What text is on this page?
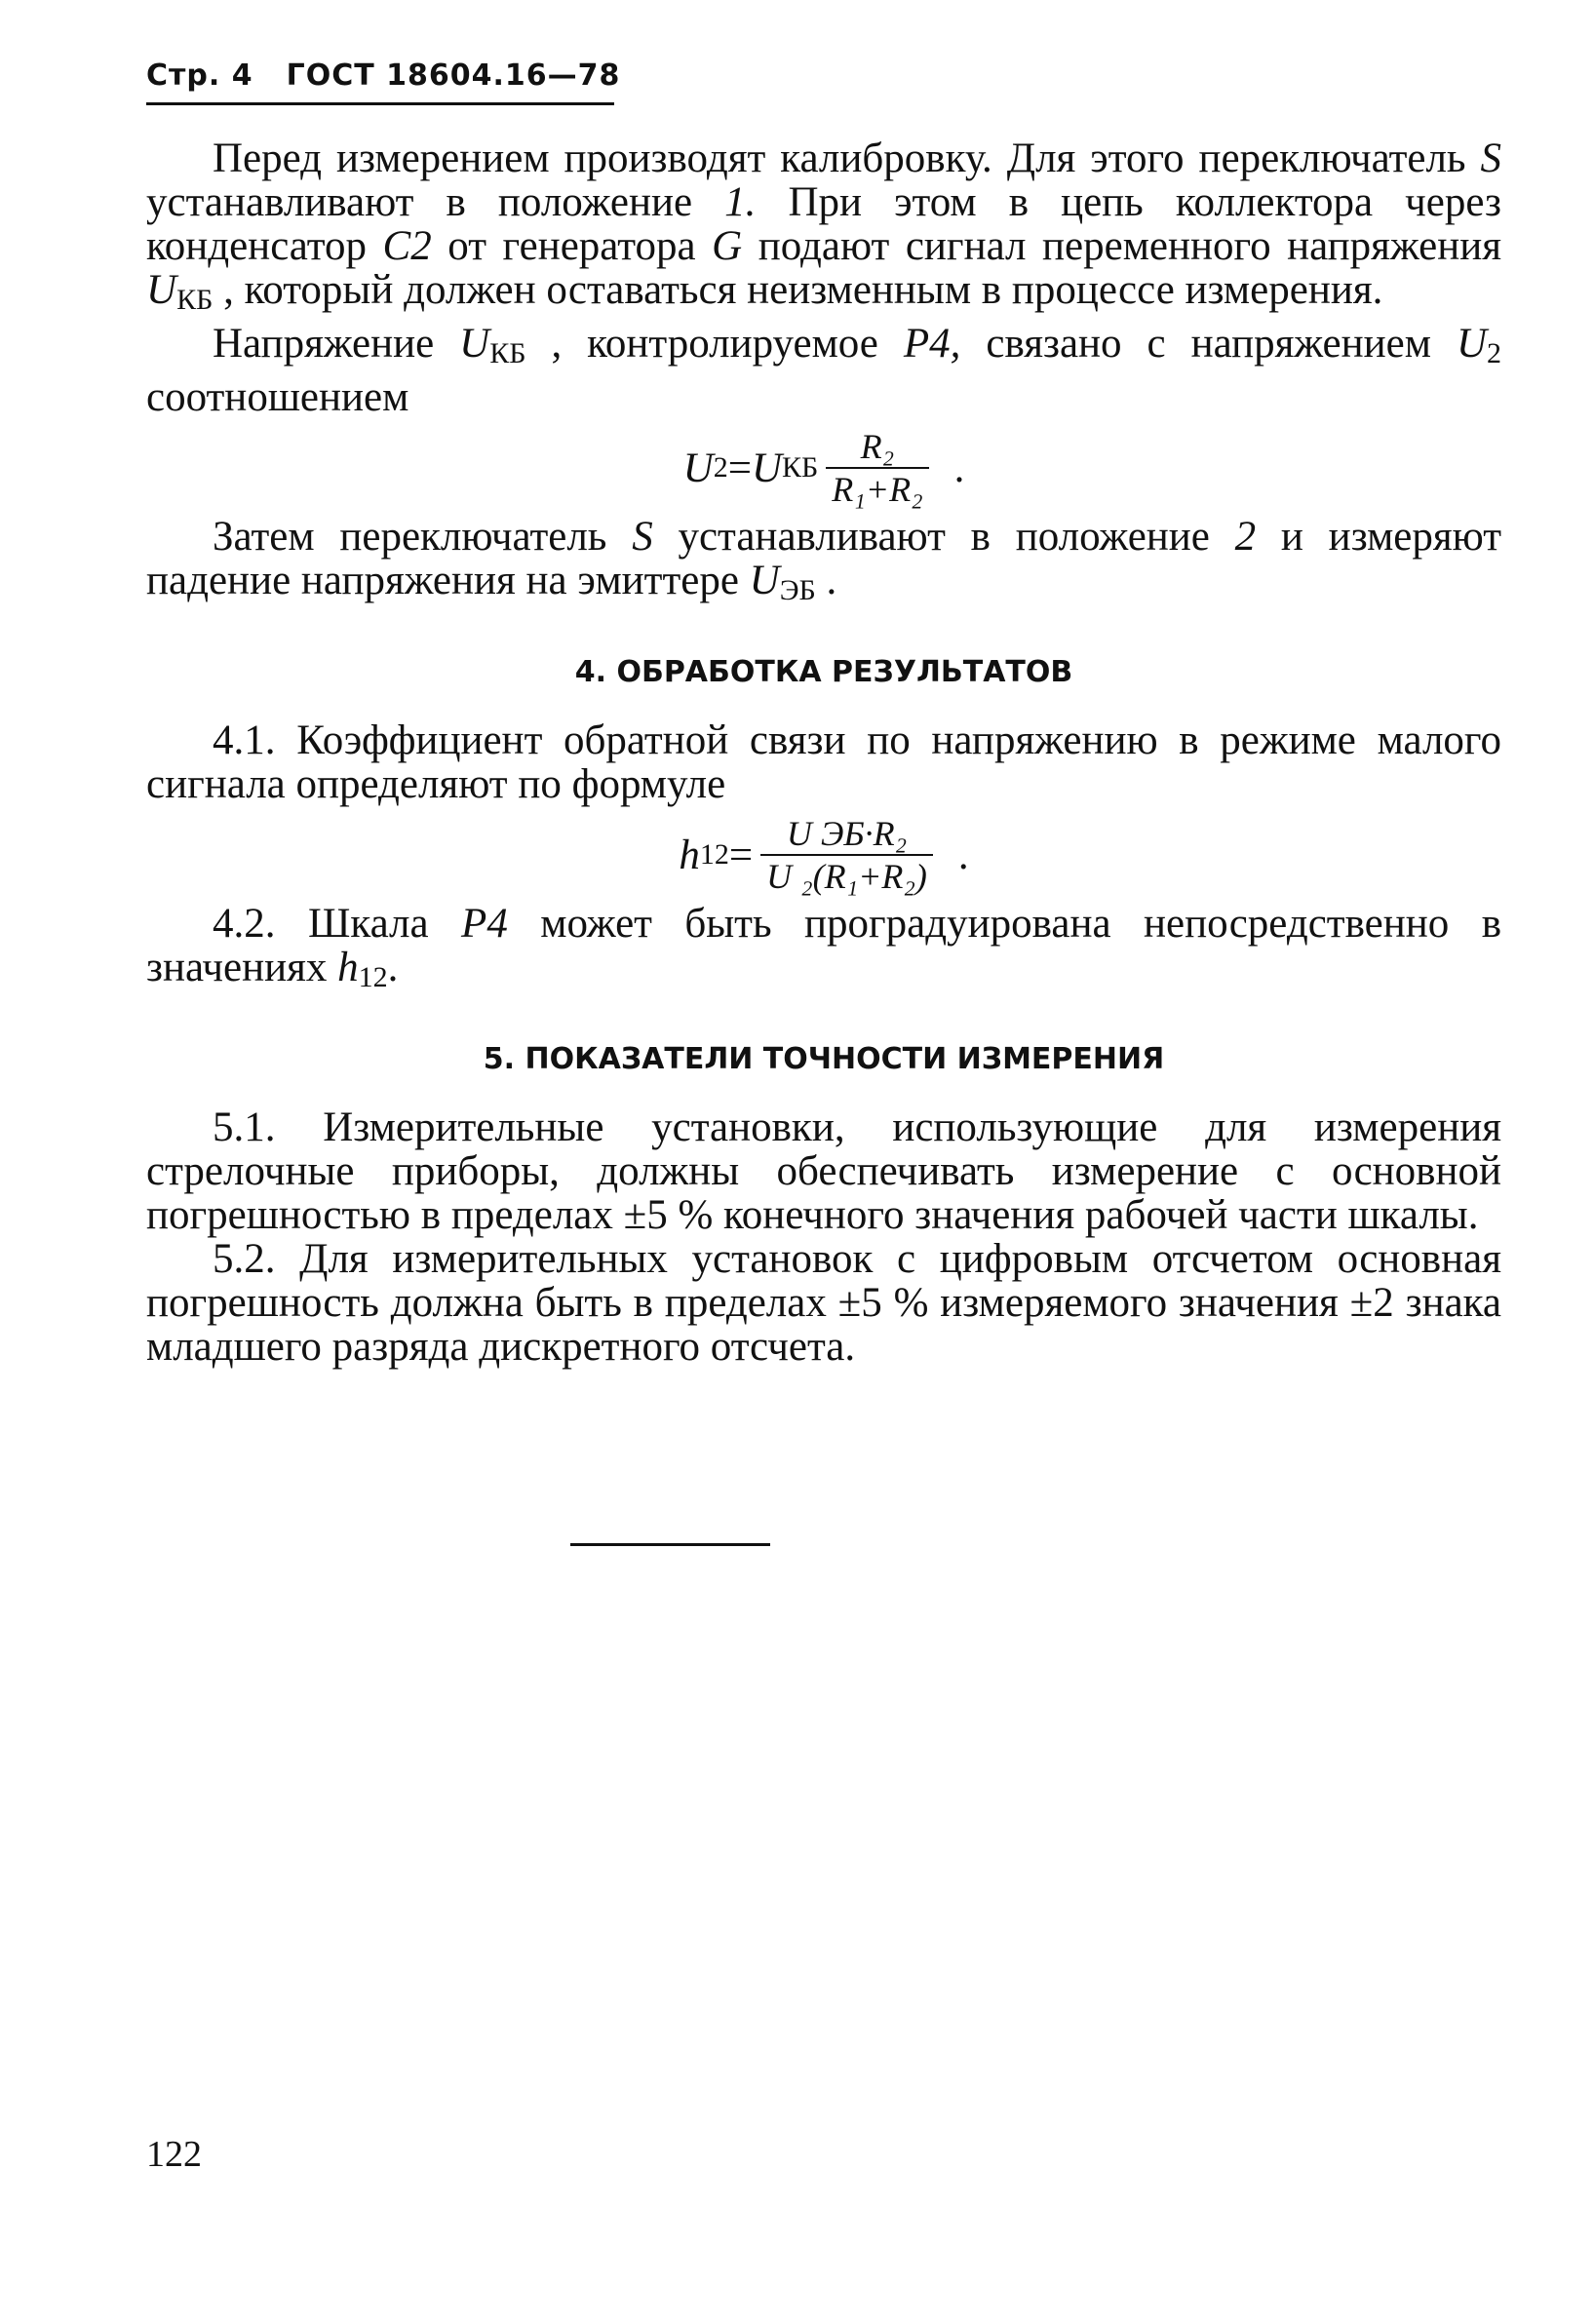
Стр. 4 ГОСТ 18604.16—78

Перед измерением производят калибровку. Для этого переключатель S устанавливают в положение 1. При этом в цепь коллектора через конденсатор C2 от генератора G подают сигнал переменного напряжения $U_{КБ}$ , который должен оставаться неизменным в процессе измерения.

Напряжение $U_{КБ}$ , контролируемое P4, связано с напряжением $U_2$ соотношением

U 2 = U КБ $\frac{\text{R₂}}{\text{R₁+R₂}}$ .

Затем переключатель S устанавливают в положение 2 и измеряют падение напряжения на эмиттере $U_{ЭБ}$ .

4. ОБРАБОТКА РЕЗУЛЬТАТОВ

4.1. Коэффициент обратной связи по напряжению в режиме малого сигнала определяют по формуле

h $12 = \frac{\text{U ЭБ·R₂}}{\text{U ₂(R₁+R₂)}}$ .

4.2. Шкала P4 может быть проградуирована непосредственно в значениях $h_{12}$.

5. ПОКАЗАТЕЛИ ТОЧНОСТИ ИЗМЕРЕНИЯ

5.1. Измерительные установки, использующие для измерения стрелочные приборы, должны обеспечивать измерение с основной погрешностью в пределах ±5 % конечного значения рабочей части шкалы.

5.2. Для измерительных установок с цифровым отсчетом основная погрешность должна быть в пределах ±5 % измеряемого значения ±2 знака младшего разряда дискретного отсчета.

122
